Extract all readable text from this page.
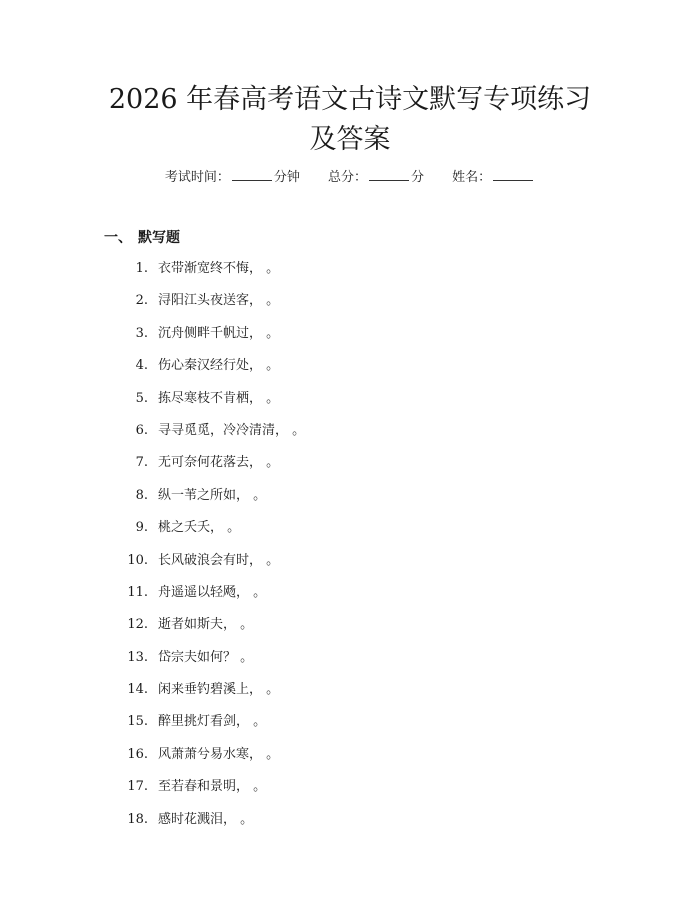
2026 年春高考语文古诗文默写专项练习及答案
考试时间：	分钟 总分：	分 姓名：
一、 默写题
1. 衣带渐宽终不悔， 。
2. 浔阳江头夜送客， 。
3. 沉舟侧畔千帆过， 。
4. 伤心秦汉经行处， 。
5. 拣尽寒枝不肯栖， 。
6. 寻寻觅觅，冷冷清清， 。
7. 无可奈何花落去， 。
8. 纵一苇之所如， 。
9. 桃之夭夭， 。
10. 长风破浪会有时， 。
11. 舟遥遥以轻飏， 。
12. 逝者如斯夫， 。
13. 岱宗夫如何？ 。
14. 闲来垂钓碧溪上， 。
15. 醉里挑灯看剑， 。
16. 风萧萧兮易水寒， 。
17. 至若春和景明， 。
18. 感时花溅泪， 。
